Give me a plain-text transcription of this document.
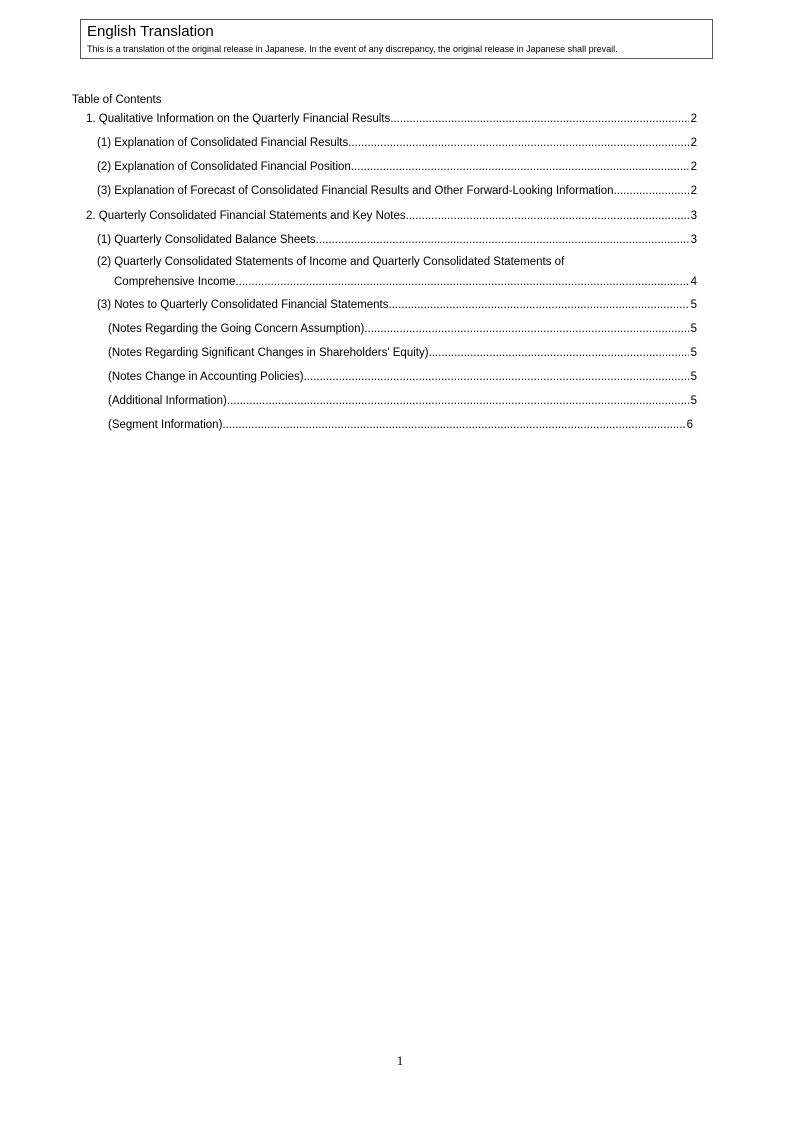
English Translation
This is a translation of the original release in Japanese. In the event of any discrepancy, the original release in Japanese shall prevail.
Table of Contents
1. Qualitative Information on the Quarterly Financial Results .....	2
(1) Explanation of Consolidated Financial Results .....	2
(2) Explanation of Consolidated Financial Position .....	2
(3) Explanation of Forecast of Consolidated Financial Results and Other Forward-Looking Information .....	2
2. Quarterly Consolidated Financial Statements and Key Notes .....	3
(1) Quarterly Consolidated Balance Sheets .....	3
(2) Quarterly Consolidated Statements of Income and Quarterly Consolidated Statements of
Comprehensive Income .....	4
(3) Notes to Quarterly Consolidated Financial Statements .....	5
(Notes Regarding the Going Concern Assumption) .....	5
(Notes Regarding Significant Changes in Shareholders' Equity) .....	5
(Notes Change in Accounting Policies) .....	5
(Additional Information) .....	5
(Segment Information) .....	6
1
